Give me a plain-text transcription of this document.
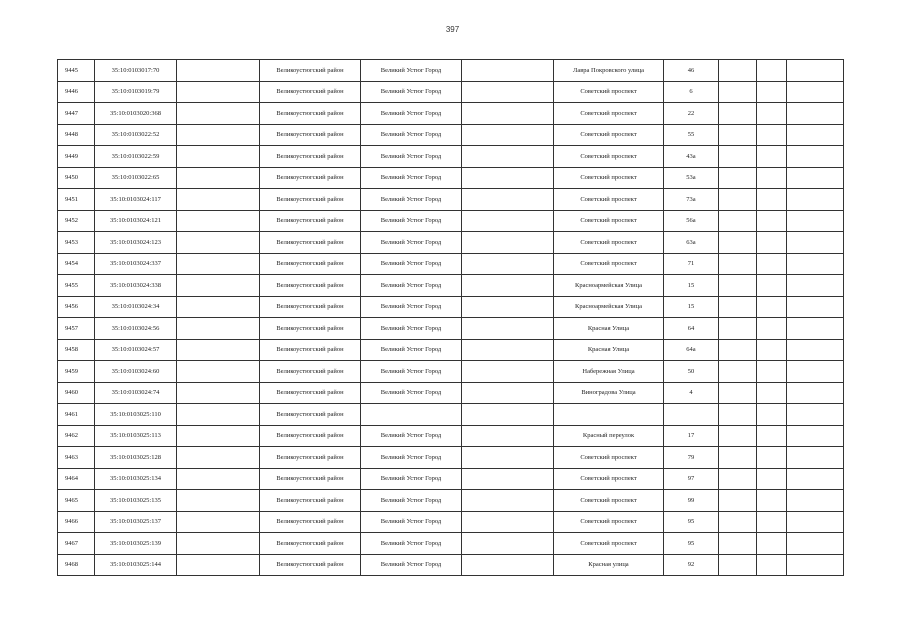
397
9445	35:10:0103017:70		Великоустюгский район	Великий Устюг Город		Лаврa Покровского улица	46			
9446	35:10:0103019:79		Великоустюгский район	Великий Устюг Город		Советский проспект	6			
9447	35:10:0103020:368		Великоустюгский район	Великий Устюг Город		Советский проспект	22			
9448	35:10:0103022:52		Великоустюгский район	Великий Устюг Город		Советский проспект	55			
9449	35:10:0103022:59		Великоустюгский район	Великий Устюг Город		Советский проспект	43а			
9450	35:10:0103022:65		Великоустюгский район	Великий Устюг Город		Советский проспект	53а			
9451	35:10:0103024:117		Великоустюгский район	Великий Устюг Город		Советский проспект	73а			
9452	35:10:0103024:121		Великоустюгский район	Великий Устюг Город		Советский проспект	56а			
9453	35:10:0103024:123		Великоустюгский район	Великий Устюг Город		Советский проспект	63а			
9454	35:10:0103024:337		Великоустюгский район	Великий Устюг Город		Советский проспект	71			
9455	35:10:0103024:338		Великоустюгский район	Великий Устюг Город		Красноармейская Улица	15			
9456	35:10:0103024:34		Великоустюгский район	Великий Устюг Город		Красноармейская Улица	15			
9457	35:10:0103024:56		Великоустюгский район	Великий Устюг Город		Красная Улица	64			
9458	35:10:0103024:57		Великоустюгский район	Великий Устюг Город		Красная Улица	64а			
9459	35:10:0103024:60		Великоустюгский район	Великий Устюг Город		Набережная Улица	50			
9460	35:10:0103024:74		Великоустюгский район	Великий Устюг Город		Виноградова Улица	4			
9461	35:10:0103025:110		Великоустюгский район							
9462	35:10:0103025:113		Великоустюгский район	Великий Устюг Город		Красный переулок	17			
9463	35:10:0103025:128		Великоустюгский район	Великий Устюг Город		Советский проспект	79			
9464	35:10:0103025:134		Великоустюгский район	Великий Устюг Город		Советский проспект	97			
9465	35:10:0103025:135		Великоустюгский район	Великий Устюг Город		Советский проспект	99			
9466	35:10:0103025:137		Великоустюгский район	Великий Устюг Город		Советский проспект	95			
9467	35:10:0103025:139		Великоустюгский район	Великий Устюг Город		Советский проспект	95			
9468	35:10:0103025:144		Великоустюгский район	Великий Устюг Город		Красная улица	92			
